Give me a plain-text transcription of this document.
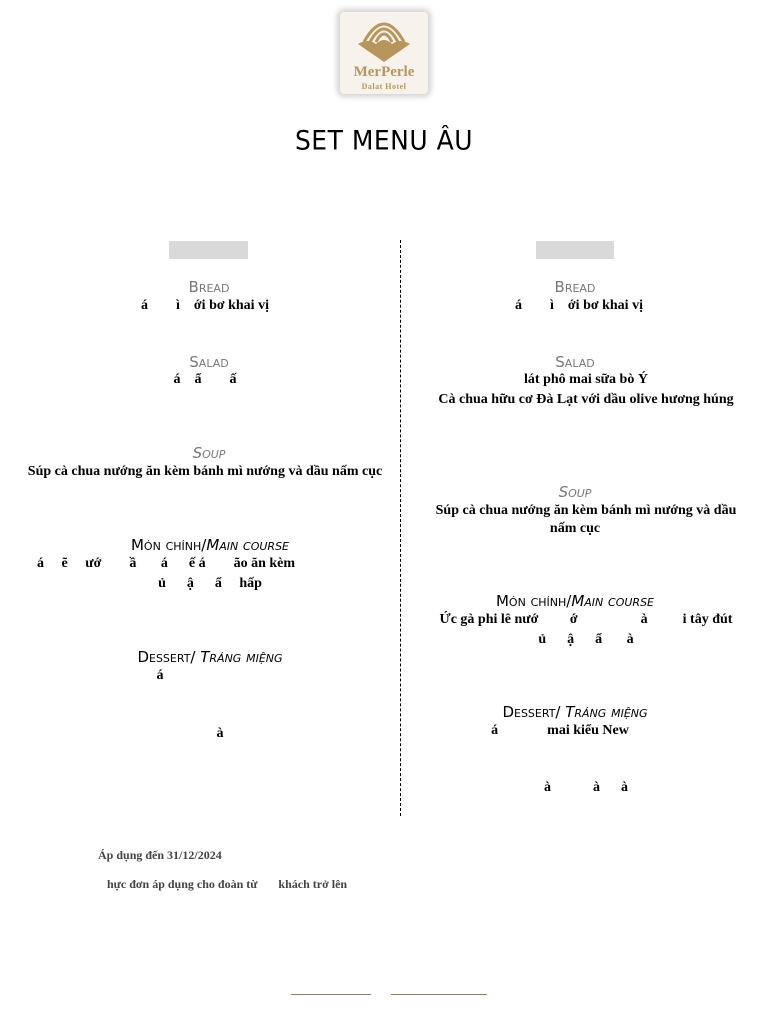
MerPerle
Dalat Hotel
SET MENU ÂU
Bread
á        ì    ới bơ khai vị
Salad
á    ẩ        ấ
Soup
Súp cà chua nướng ăn kèm bánh mì nướng và dầu nấm cục
Món chính/Main course
á     ẽ     ướ        ầ       á      ế á        ão ăn kèm
ủ      ậ      ẩ     hấp
Dessert/ Tráng miệng
á
à
Bread
á        ì    ới bơ khai vị
Salad
lát phô mai sữa bò Ý
Cà chua hữu cơ Đà Lạt với dầu olive hương húng
Soup
Súp cà chua nướng ăn kèm bánh mì nướng và dầu
nấm cục
Món chính/Main course
Ức gà phi lê nướ         ớ                  à          i tây đút
ủ      ậ      ẩ       à
Dessert/ Tráng miệng
á              mai kiểu New
à            à      à
Áp dụng đến 31/12/2024
hực đơn áp dụng cho đoàn từ       khách trở lên
